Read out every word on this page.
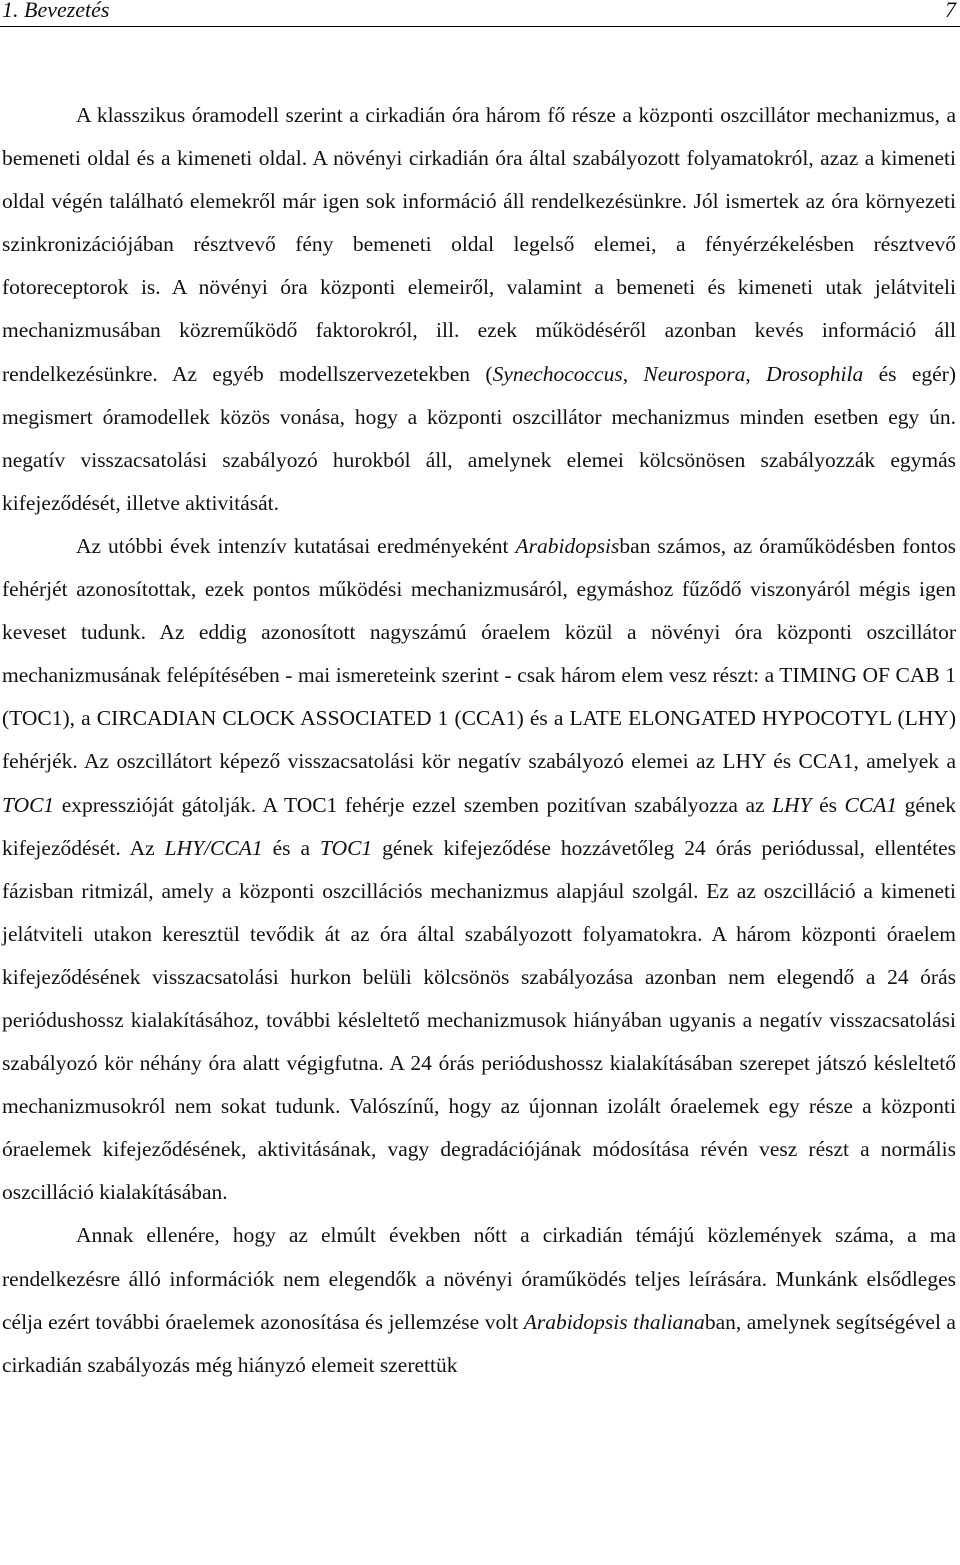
1. Bevezetés	7

A klasszikus óramodell szerint a cirkadián óra három fő része a központi oszcillátor mechanizmus, a bemeneti oldal és a kimeneti oldal. A növényi cirkadián óra által szabályozott folyamatokról, azaz a kimeneti oldal végén található elemekről már igen sok információ áll rendelkezésünkre. Jól ismertek az óra környezeti szinkronizációjában résztvevő fény bemeneti oldal legelső elemei, a fényérzékelésben résztvevő fotoreceptorok is. A növényi óra központi elemeiről, valamint a bemeneti és kimeneti utak jelátviteli mechanizmusában közreműködő faktorokról, ill. ezek működéséről azonban kevés információ áll rendelkezésünkre. Az egyéb modellszervezetekben (Synechococcus, Neurospora, Drosophila és egér) megismert óramodellek közös vonása, hogy a központi oszcillátor mechanizmus minden esetben egy ún. negatív visszacsatolási szabályozó hurokból áll, amelynek elemei kölcsönösen szabályozzák egymás kifejeződését, illetve aktivitását.

Az utóbbi évek intenzív kutatásai eredményeként Arabidopsisban számos, az óraműködésben fontos fehérjét azonosítottak, ezek pontos működési mechanizmusáról, egymáshoz fűződő viszonyáról mégis igen keveset tudunk. Az eddig azonosított nagyszámú óraelem közül a növényi óra központi oszcillátor mechanizmusának felépítésében - mai ismereteink szerint - csak három elem vesz részt: a TIMING OF CAB 1 (TOC1), a CIRCADIAN CLOCK ASSOCIATED 1 (CCA1) és a LATE ELONGATED HYPOCOTYL (LHY) fehérjék. Az oszcillátort képező visszacsatolási kör negatív szabályozó elemei az LHY és CCA1, amelyek a TOC1 expresszióját gátolják. A TOC1 fehérje ezzel szemben pozitívan szabályozza az LHY és CCA1 gének kifejeződését. Az LHY/CCA1 és a TOC1 gének kifejeződése hozzávetőleg 24 órás periódussal, ellentétes fázisban ritmizál, amely a központi oszcillációs mechanizmus alapjául szolgál. Ez az oszcilláció a kimeneti jelátviteli utakon keresztül tevődik át az óra által szabályozott folyamatokra. A három központi óraelem kifejeződésének visszacsatolási hurkon belüli kölcsönös szabályozása azonban nem elegendő a 24 órás periódushossz kialakításához, további késleltető mechanizmusok hiányában ugyanis a negatív visszacsatolási szabályozó kör néhány óra alatt végigfutna. A 24 órás periódushossz kialakításában szerepet játszó késleltető mechanizmusokról nem sokat tudunk. Valószínű, hogy az újonnan izolált óraelemek egy része a központi óraelemek kifejeződésének, aktivitásának, vagy degradációjának módosítása révén vesz részt a normális oszcilláció kialakításában.

Annak ellenére, hogy az elmúlt években nőtt a cirkadián témájú közlemények száma, a ma rendelkezésre álló információk nem elegendők a növényi óraműködés teljes leírására. Munkánk elsődleges célja ezért további óraelemek azonosítása és jellemzése volt Arabidopsis thalianaban, amelynek segítségével a cirkadián szabályozás még hiányzó elemeit szerettük
